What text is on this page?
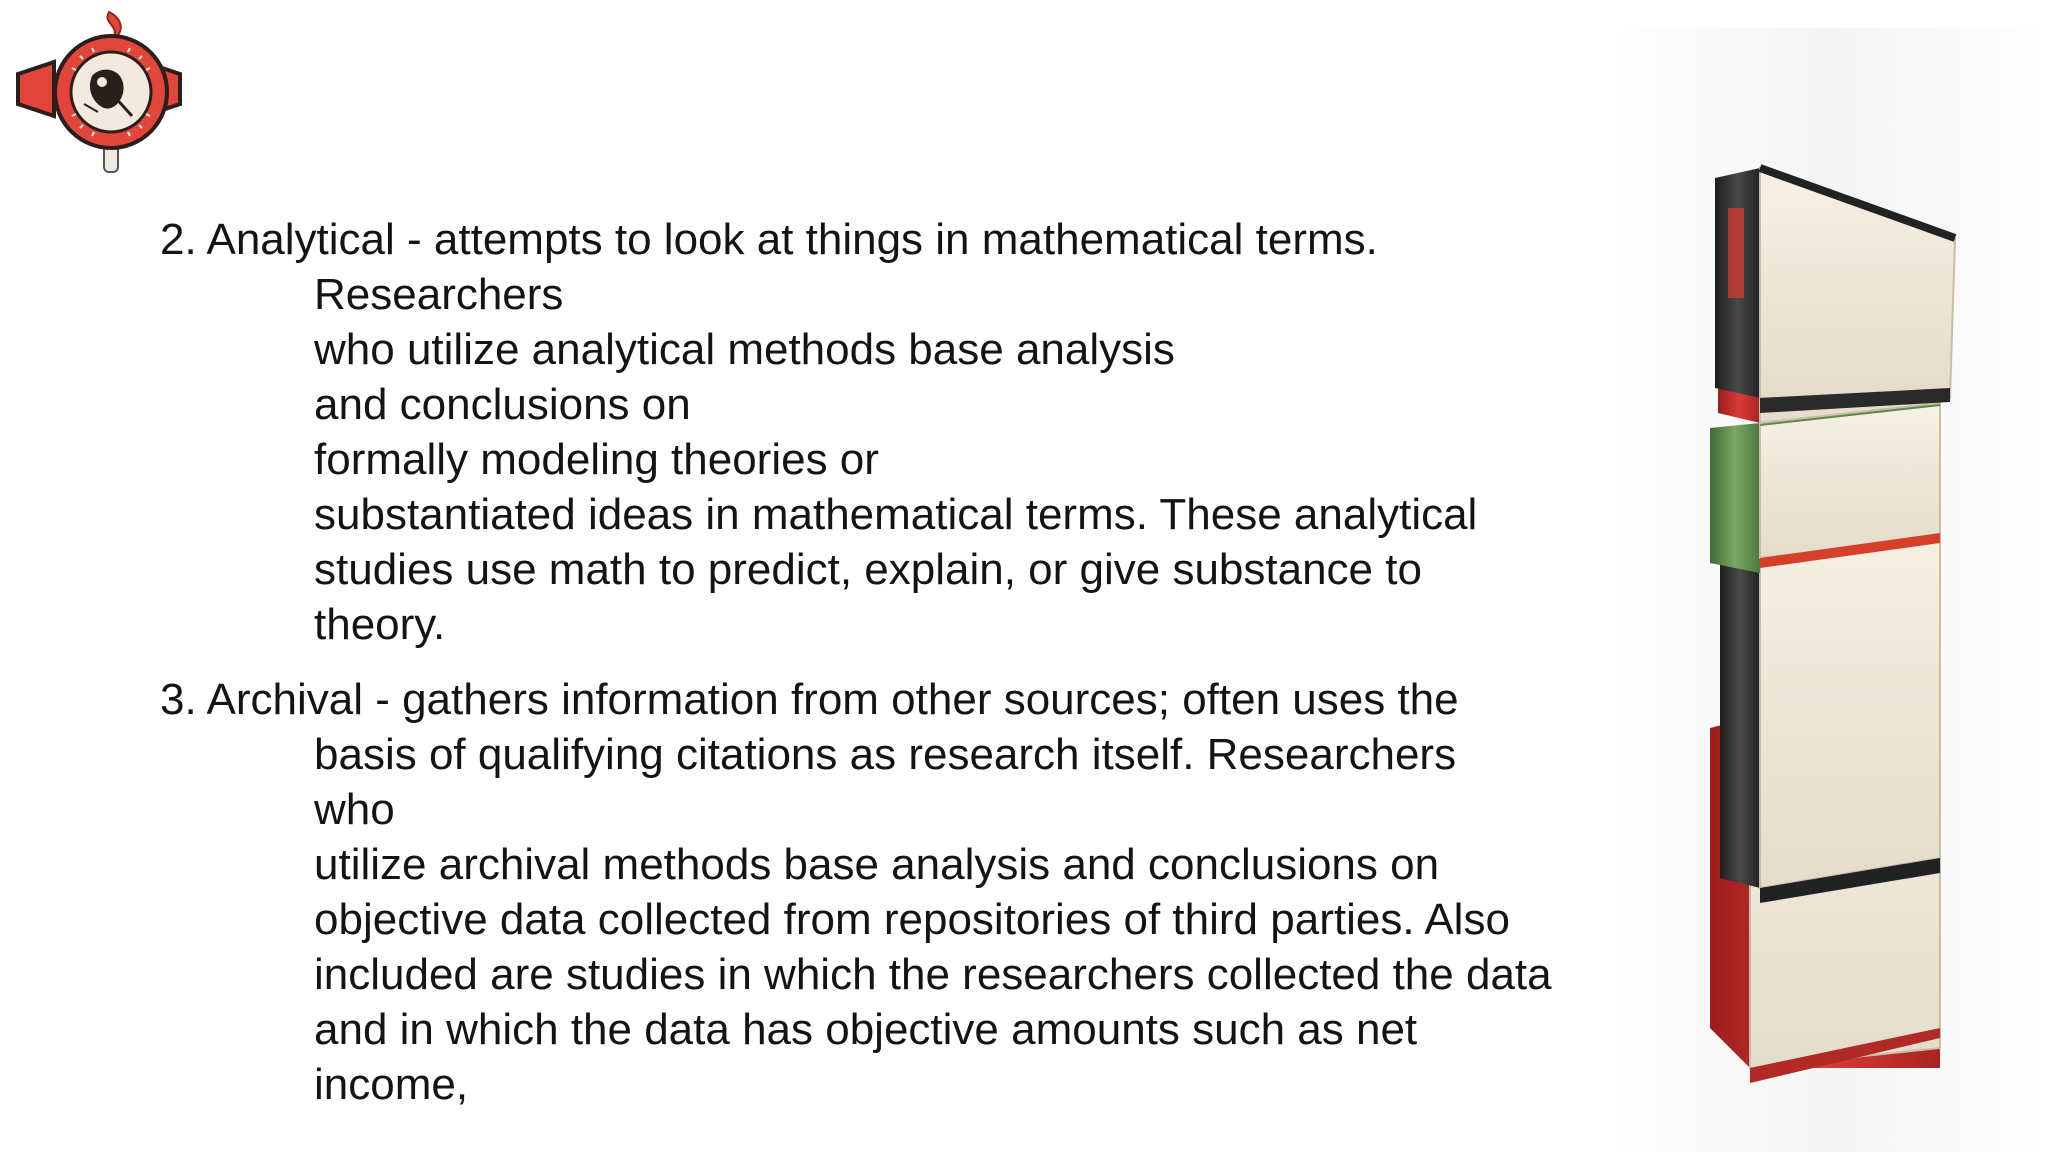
2. Analytical - attempts to look at things in mathematical terms.
Researchers
who utilize analytical methods base analysis
and conclusions on
formally modeling theories or
substantiated ideas in mathematical terms. These analytical
studies use math to predict, explain, or give substance to
theory.

3. Archival - gathers information from other sources; often uses the
basis of qualifying citations as research itself. Researchers
who
utilize archival methods base analysis and conclusions on
objective data collected from repositories of third parties. Also
included are studies in which the researchers collected the data
and in which the data has objective amounts such as net
income,
